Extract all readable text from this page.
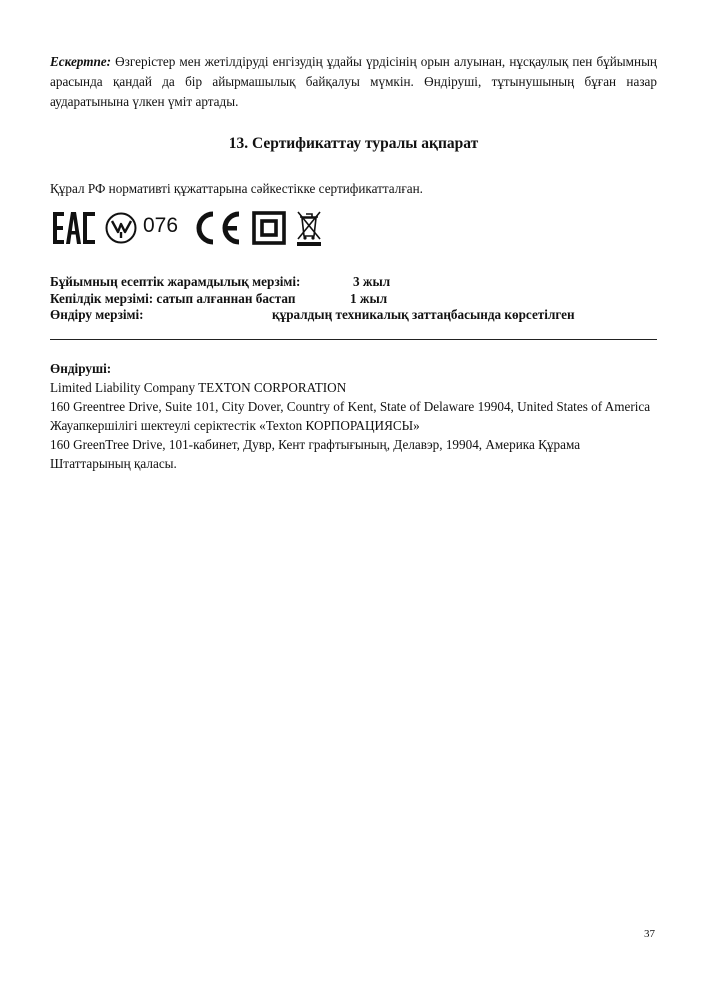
Ескертпе: Өзгерістер мен жетілдіруді енгізудің ұдайы үрдісінің орын алуынан, нұсқаулық пен бұйымның арасында қандай да бір айырмашылық байқалуы мүмкін. Өндіруші, тұтынушының бұған назар аударатынына үлкен үміт артады.

13. Сертификаттау туралы ақпарат
Құрал РФ нормативті құжаттарына сәйкестікке сертификатталған.
076
Бұйымның есептік жарамдылық мерзімі:	3 жыл
Кепілдік мерзімі: сатып алғаннан бастап	1 жыл
Өндіру мерзімі:	құралдың техникалық заттаңбасында көрсетілген
Өндіруші:
Limited Liability Company TEXTON CORPORATION
160 Greentree Drive, Suite 101, City Dover, Country of Kent, State of Delaware 19904, United States of America
Жауапкершілігі шектеулі серіктестік «Texton КОРПОРАЦИЯСЫ»
160 GreenTree Drive, 101-кабинет, Дувр, Кент графтығының, Делавэр, 19904, Америка Құрама Штаттарының қаласы.
37
